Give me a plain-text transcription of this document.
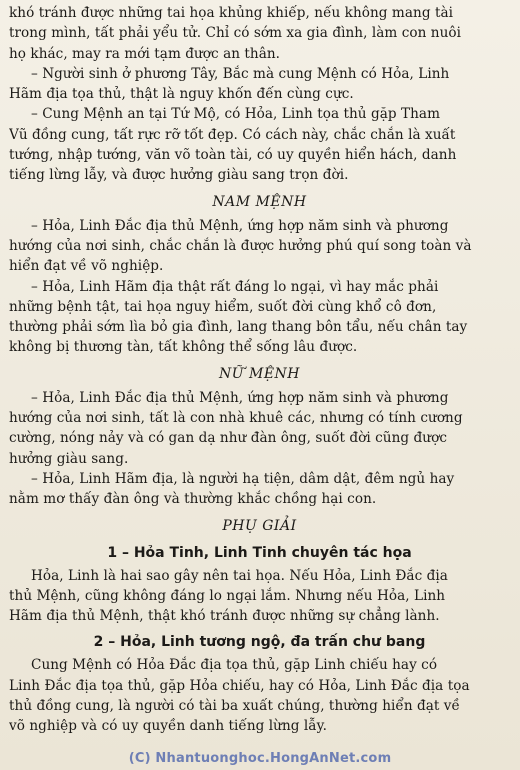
khó tránh được những tai họa khủng khiếp, nếu không mang tài
trong mình, tất phải yểu tử. Chỉ có sớm xa gia đình, làm con nuôi
họ khác, may ra mới tạm được an thân.
– Người sinh ở phương Tây, Bắc mà cung Mệnh có Hỏa, Linh
Hãm địa tọa thủ, thật là nguy khốn đến cùng cực.
– Cung Mệnh an tại Tứ Mộ, có Hỏa, Linh tọa thủ gặp Tham
Vũ đồng cung, tất rực rỡ tốt đẹp. Có cách này, chắc chắn là xuất
tướng, nhập tướng, văn võ toàn tài, có uy quyền hiển hách, danh
tiếng lừng lẫy, và được hưởng giàu sang trọn đời.
NAM MỆNH
– Hỏa, Linh Đắc địa thủ Mệnh, ứng hợp năm sinh và phương
hướng của nơi sinh, chắc chắn là được hưởng phú quí song toàn và
hiển đạt về võ nghiệp.
– Hỏa, Linh Hãm địa thật rất đáng lo ngại, vì hay mắc phải
những bệnh tật, tai họa nguy hiểm, suốt đời cùng khổ cô đơn,
thường phải sớm lìa bỏ gia đình, lang thang bôn tẩu, nếu chân tay
không bị thương tàn, tất không thể sống lâu được.
NỮ MỆNH
– Hỏa, Linh Đắc địa thủ Mệnh, ứng hợp năm sinh và phương
hướng của nơi sinh, tất là con nhà khuê các, nhưng có tính cương
cường, nóng nảy và có gan dạ như đàn ông, suốt đời cũng được
hưởng giàu sang.
– Hỏa, Linh Hãm địa, là người hạ tiện, dâm dật, đêm ngủ hay
nằm mơ thấy đàn ông và thường khắc chồng hại con.
PHỤ GIẢI
1 – Hỏa Tinh, Linh Tinh chuyên tác họa
Hỏa, Linh là hai sao gây nên tai họa. Nếu Hỏa, Linh Đắc địa
thủ Mệnh, cũng không đáng lo ngại lắm. Nhưng nếu Hỏa, Linh
Hãm địa thủ Mệnh, thật khó tránh được những sự chẳng lành.
2 – Hỏa, Linh tương ngộ, đa trấn chư bang
Cung Mệnh có Hỏa Đắc địa tọa thủ, gặp Linh chiếu hay có
Linh Đắc địa tọa thủ, gặp Hỏa chiếu, hay có Hỏa, Linh Đắc địa tọa
thủ đồng cung, là người có tài ba xuất chúng, thường hiển đạt về
võ nghiệp và có uy quyền danh tiếng lừng lẫy.
(C) Nhantuonghoc.HongAnNet.com
